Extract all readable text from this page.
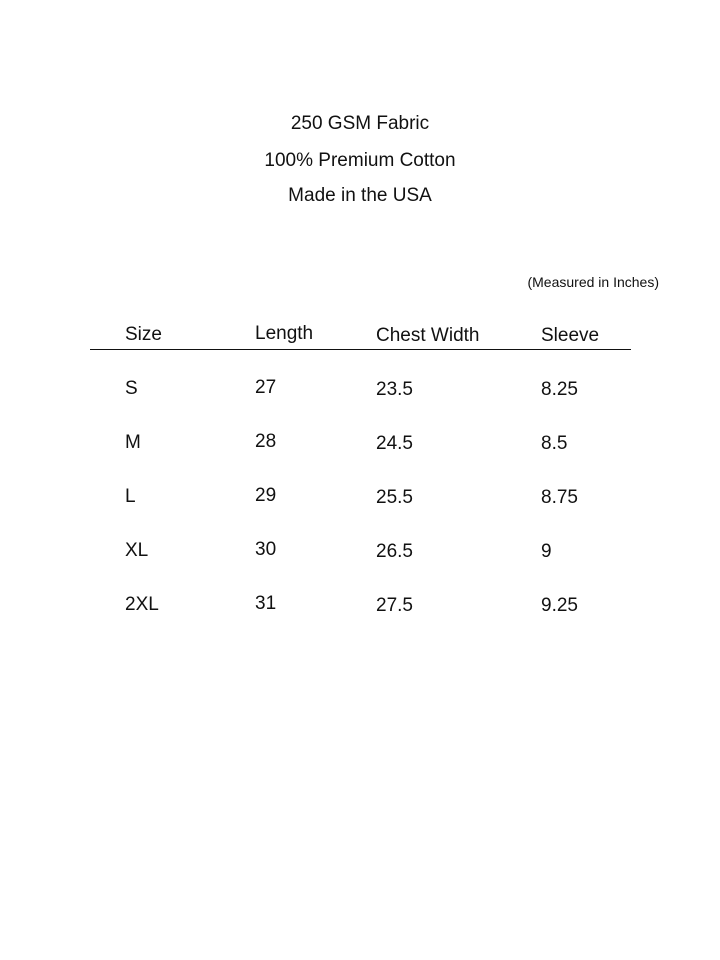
250 GSM Fabric
100% Premium Cotton
Made in the USA
(Measured in Inches)
Size	Length	Chest Width	Sleeve
S	27	23.5	8.25
M	28	24.5	8.5
L	29	25.5	8.75
XL	30	26.5	9
2XL	31	27.5	9.25
